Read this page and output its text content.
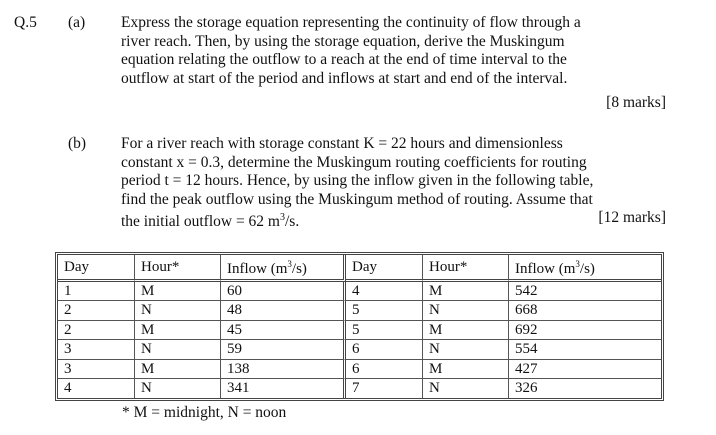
Q.5 (a) Express the storage equation representing the continuity of flow through a
river reach. Then, by using the storage equation, derive the Muskingum
equation relating the outflow to a reach at the end of time interval to the
outflow at start of the period and inflows at start and end of the interval.
[8 marks]
(b) For a river reach with storage constant K = 22 hours and dimensionless
constant x = 0.3, determine the Muskingum routing coefficients for routing
period t = 12 hours. Hence, by using the inflow given in the following table,
find the peak outflow using the Muskingum method of routing. Assume that
the initial outflow = 62 $m^3/s$.	[12 marks]
Day	Hour*	Inflow $(m^3/s)$	Day	Hour*	Inflow $(m^3/s)$
1	M	60	4	M	542
2	N	48	5	N	668
2	M	45	5	M	692
3	N	59	6	N	554
3	M	138	6	M	427
4	N	341	7	N	326
* M = midnight, N = noon
